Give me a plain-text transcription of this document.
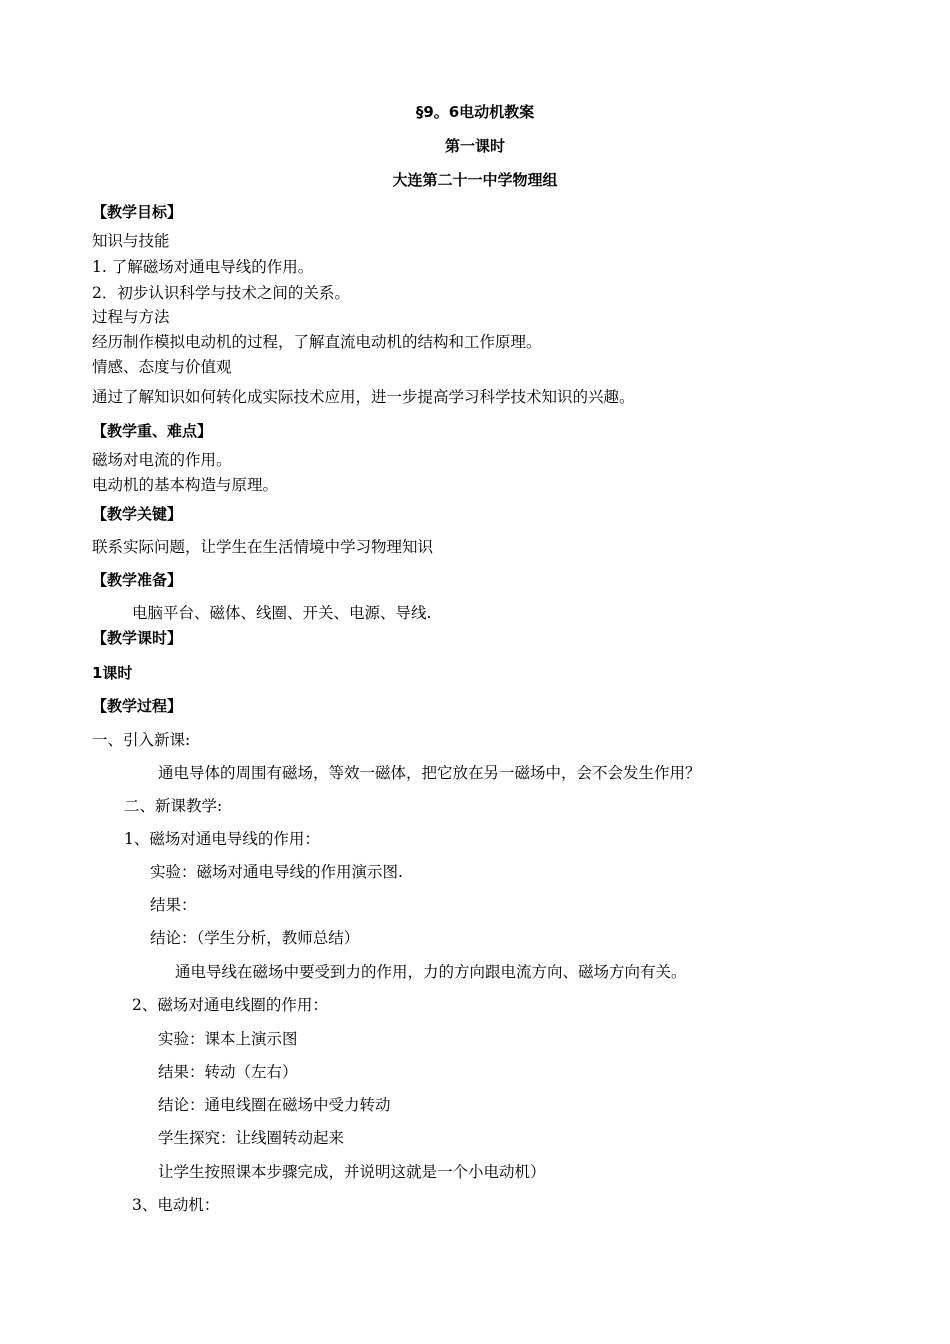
§9。6电动机教案
第一课时
大连第二十一中学物理组
【教学目标】
知识与技能
1. 了解磁场对通电导线的作用。
2．初步认识科学与技术之间的关系。
过程与方法
经历制作模拟电动机的过程，了解直流电动机的结构和工作原理。
情感、态度与价值观
通过了解知识如何转化成实际技术应用，进一步提高学习科学技术知识的兴趣。
【教学重、难点】
磁场对电流的作用。
电动机的基本构造与原理。
【教学关键】
联系实际问题，让学生在生活情境中学习物理知识
【教学准备】
电脑平台、磁体、线圈、开关、电源、导线.
【教学课时】
1课时
【教学过程】
一、引入新课:
通电导体的周围有磁场，等效一磁体，把它放在另一磁场中，会不会发生作用？
二、新课教学:
1、磁场对通电导线的作用：
实验：磁场对通电导线的作用演示图.
结果：
结论：（学生分析，教师总结）
通电导线在磁场中要受到力的作用，力的方向跟电流方向、磁场方向有关。
2、磁场对通电线圈的作用：
实验：课本上演示图
结果：转动（左右）
结论：通电线圈在磁场中受力转动
学生探究：让线圈转动起来
让学生按照课本步骤完成，并说明这就是一个小电动机）
3、电动机：
